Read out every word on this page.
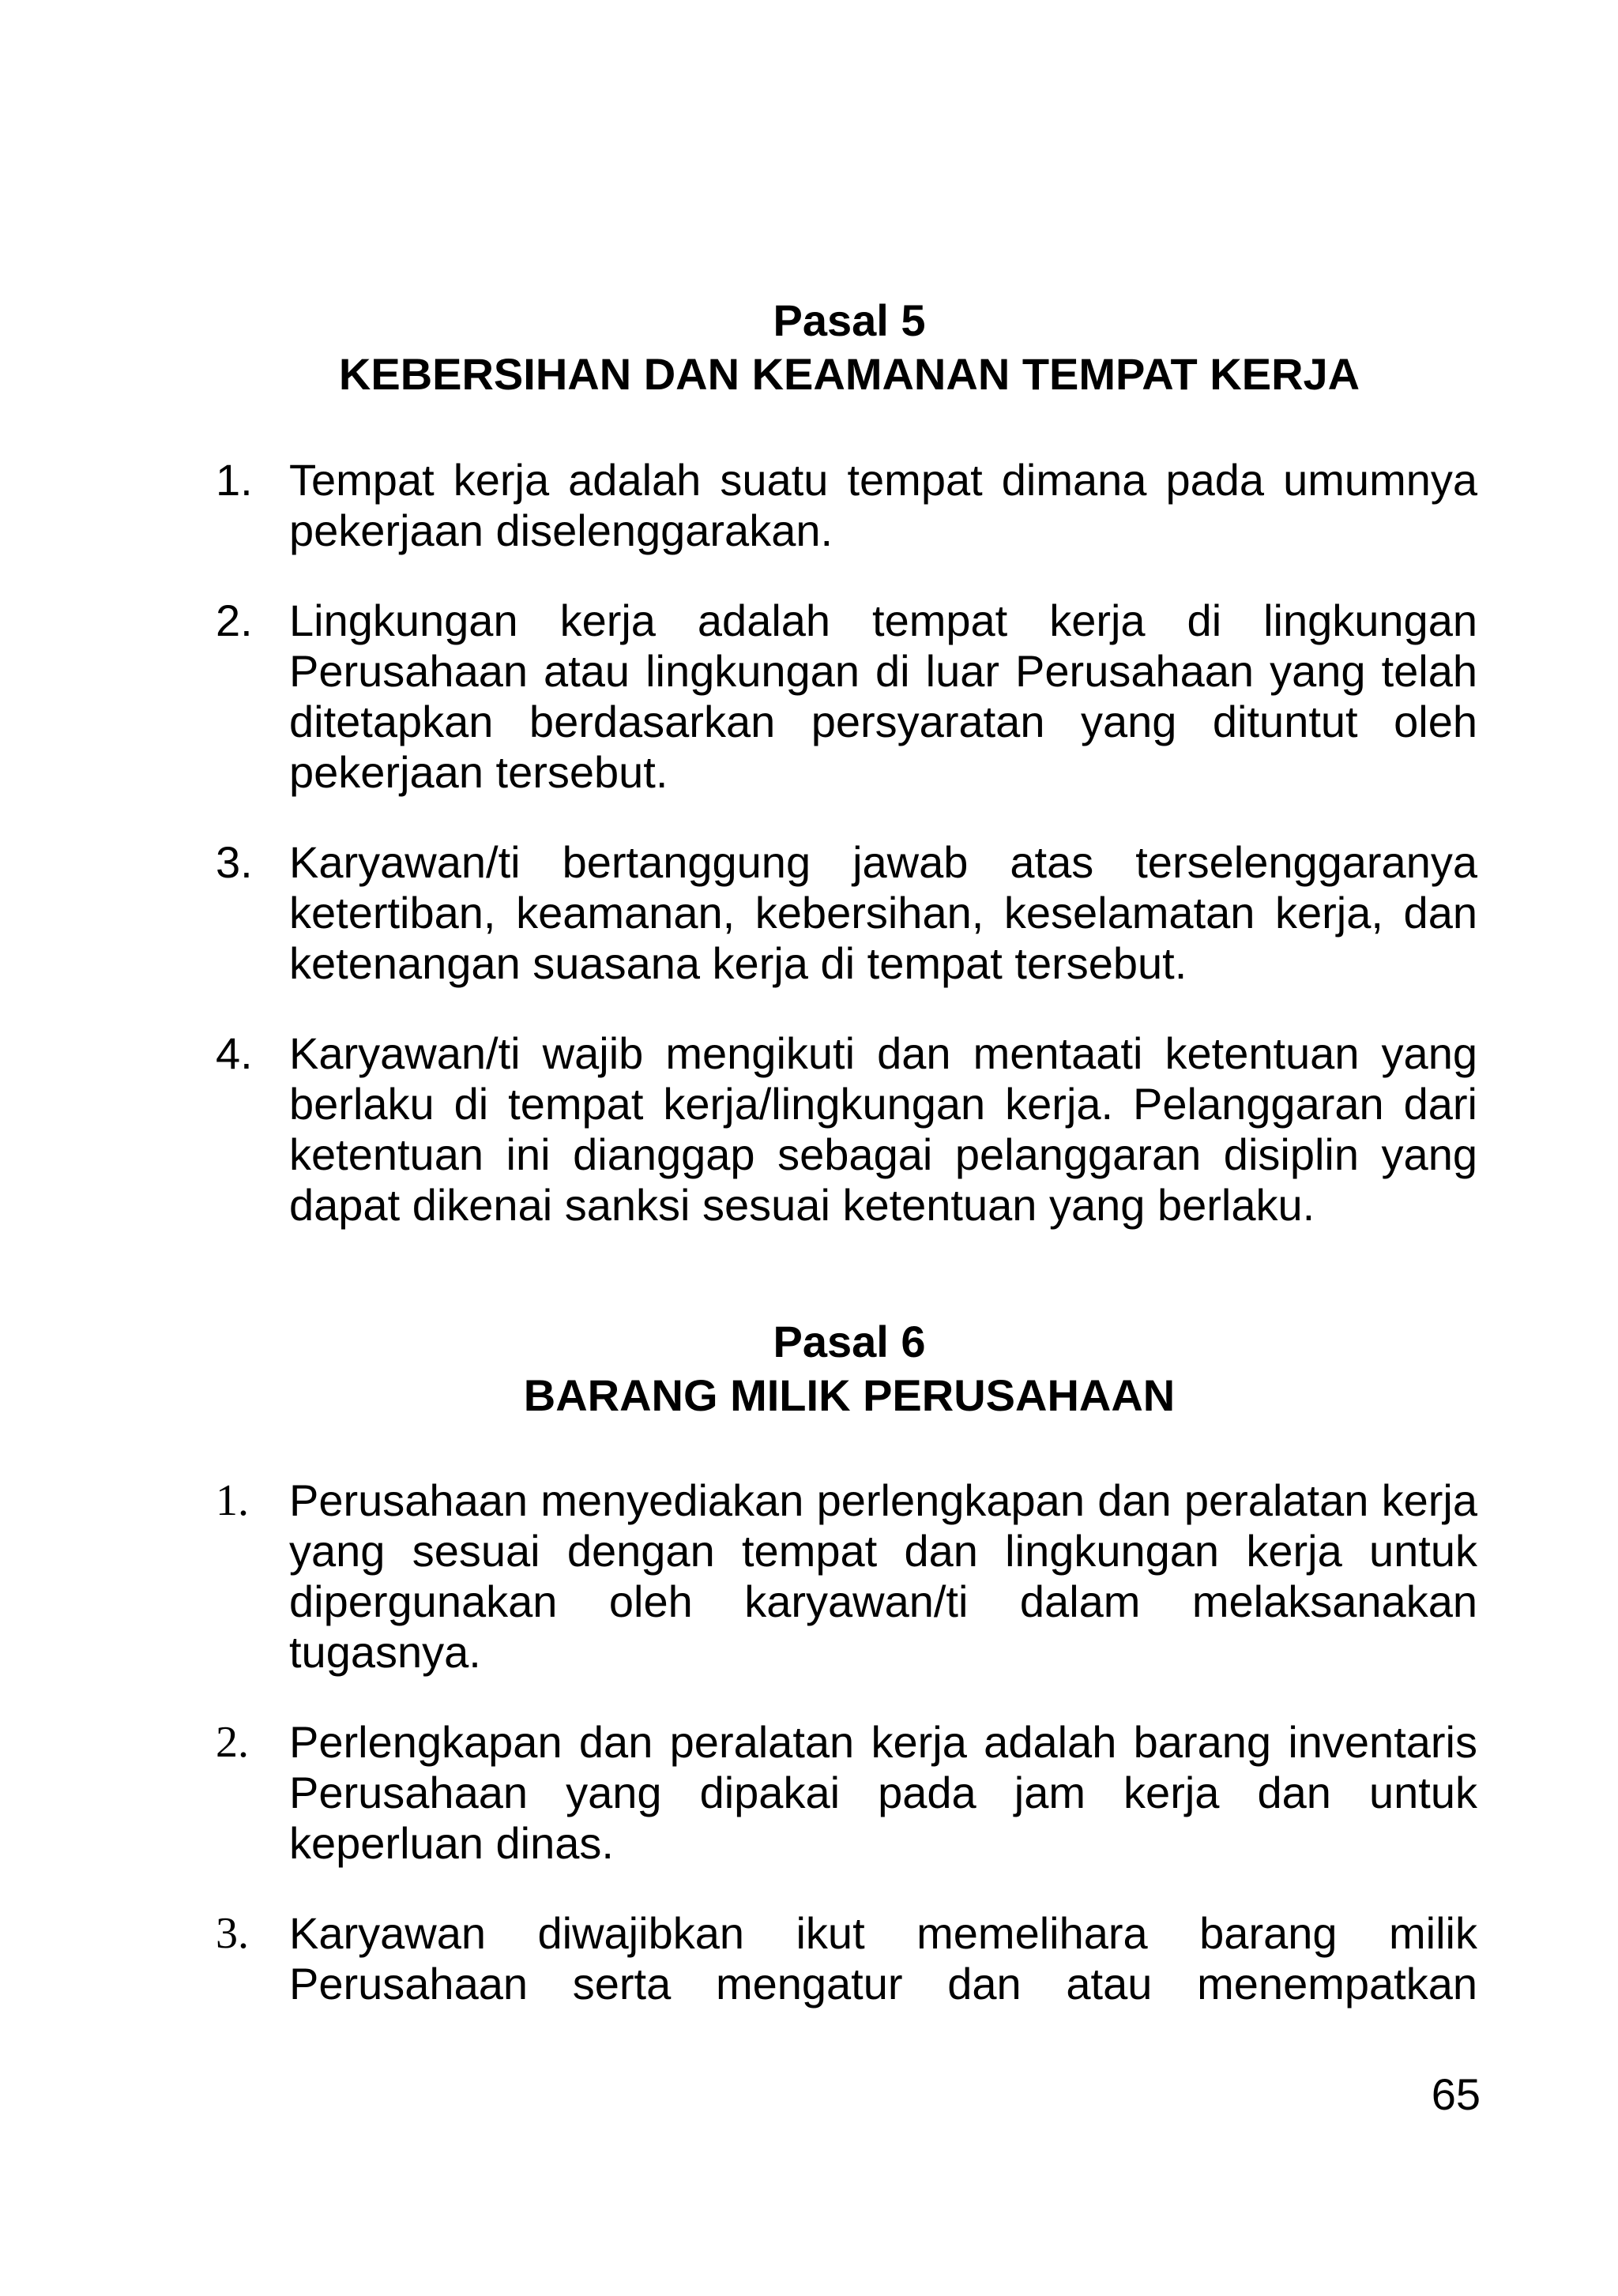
Pasal 5
KEBERSIHAN DAN KEAMANAN TEMPAT KERJA
1. Tempat kerja adalah suatu tempat dimana pada umumnya pekerjaan diselenggarakan.
2. Lingkungan kerja adalah tempat kerja di lingkungan Perusahaan atau lingkungan di luar Perusahaan yang telah ditetapkan berdasarkan persyaratan yang dituntut oleh pekerjaan tersebut.
3. Karyawan/ti bertanggung jawab atas terselenggaranya ketertiban, keamanan, kebersihan, keselamatan kerja, dan ketenangan suasana kerja di tempat tersebut.
4. Karyawan/ti wajib mengikuti dan mentaati ketentuan yang berlaku di tempat kerja/lingkungan kerja. Pelanggaran dari ketentuan ini dianggap sebagai pelanggaran disiplin yang dapat dikenai sanksi sesuai ketentuan yang berlaku.
Pasal 6
BARANG MILIK PERUSAHAAN
1. Perusahaan menyediakan perlengkapan dan peralatan kerja yang sesuai dengan tempat dan lingkungan kerja untuk dipergunakan oleh karyawan/ti dalam melaksanakan tugasnya.
2. Perlengkapan dan peralatan kerja adalah barang inventaris Perusahaan yang dipakai pada jam kerja dan untuk keperluan dinas.
3. Karyawan diwajibkan ikut memelihara barang milik Perusahaan serta mengatur dan atau menempatkan
65
